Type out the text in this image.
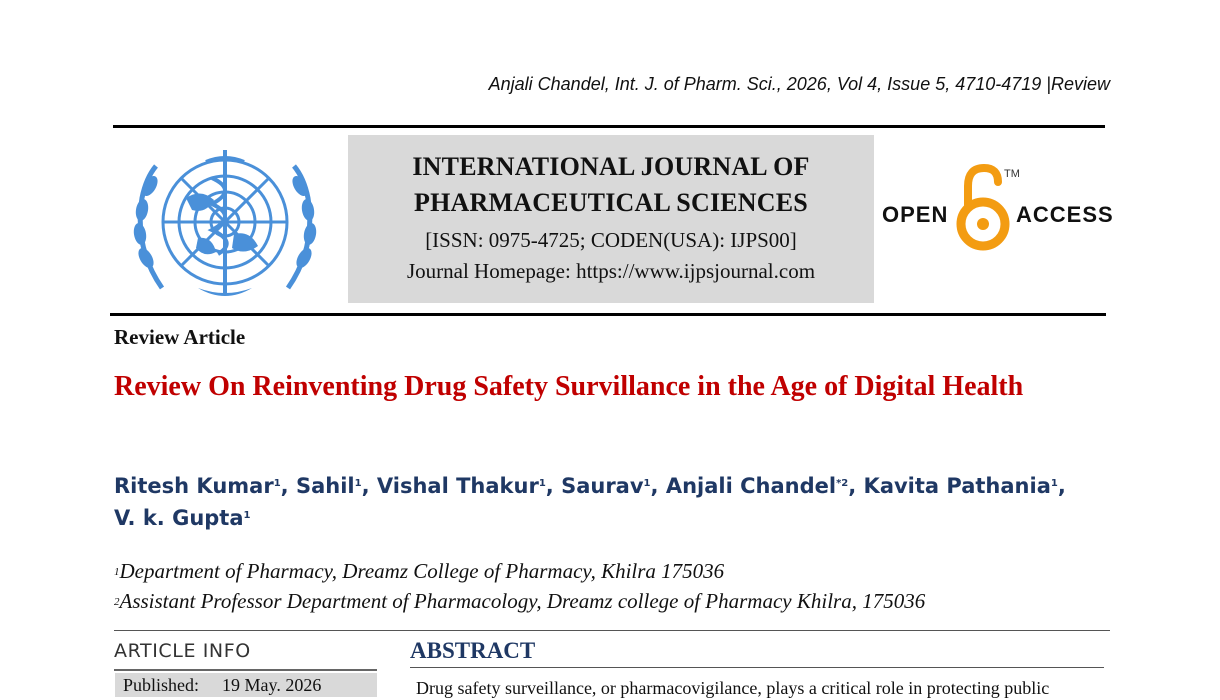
Anjali Chandel, Int. J. of Pharm. Sci., 2026, Vol 4, Issue 5, 4710-4719 |Review
INTERNATIONAL JOURNAL OF
PHARMACEUTICAL SCIENCES
[ISSN: 0975-4725; CODEN(USA): IJPS00]
Journal Homepage: https://www.ijpsjournal.com
OPEN	ACCESS
TM
Review Article
Review On Reinventing Drug Safety Survillance in the Age of Digital Health
Ritesh Kumar$^1$, Sahil$^1$, Vishal Thakur$^1$, Saurav$^1$, Anjali Chandel$^{*2}$, Kavita Pathania$^1$,
V. k. Gupta$^1$
$^1$Department of Pharmacy, Dreamz College of Pharmacy, Khilra 175036
$^2$Assistant Professor Department of Pharmacology, Dreamz college of Pharmacy Khilra, 175036
ARTICLE INFO
Published: 19 May. 2026
ABSTRACT
Drug safety surveillance, or pharmacovigilance, plays a critical role in protecting public
